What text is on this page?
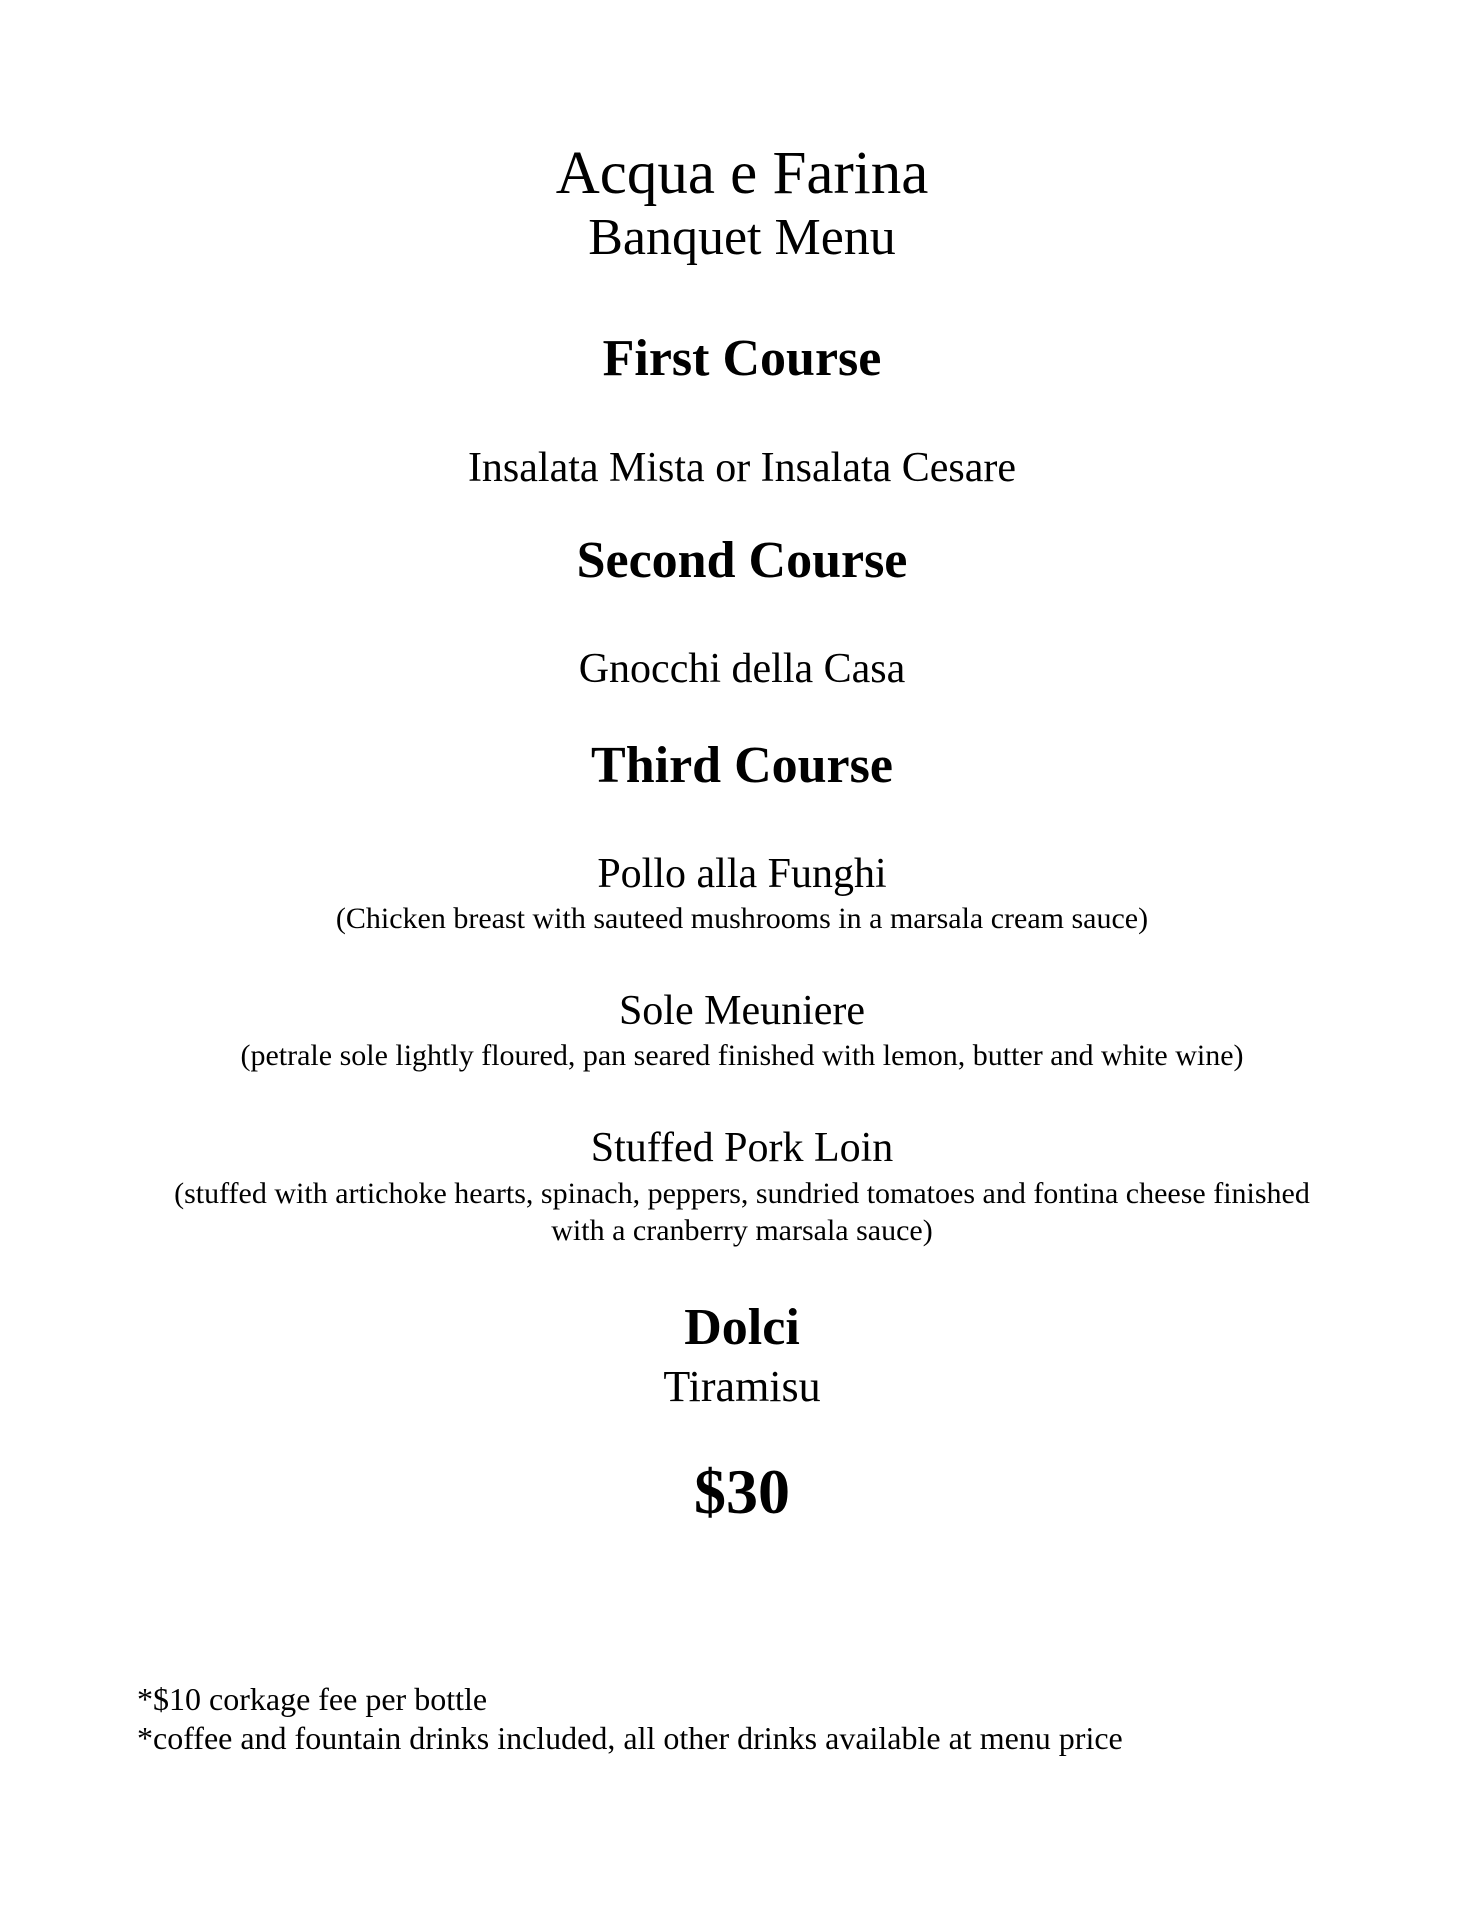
Acqua e Farina
Banquet Menu
First Course
Insalata Mista or Insalata Cesare
Second Course
Gnocchi della Casa
Third Course
Pollo alla Funghi
(Chicken breast with sauteed mushrooms in a marsala cream sauce)
Sole Meuniere
(petrale sole lightly floured, pan seared finished with lemon, butter and white wine)
Stuffed Pork Loin
(stuffed with artichoke hearts, spinach, peppers, sundried tomatoes and fontina cheese finished
with a cranberry marsala sauce)
Dolci
Tiramisu
$30
*$10 corkage fee per bottle
*coffee and fountain drinks included, all other drinks available at menu price
